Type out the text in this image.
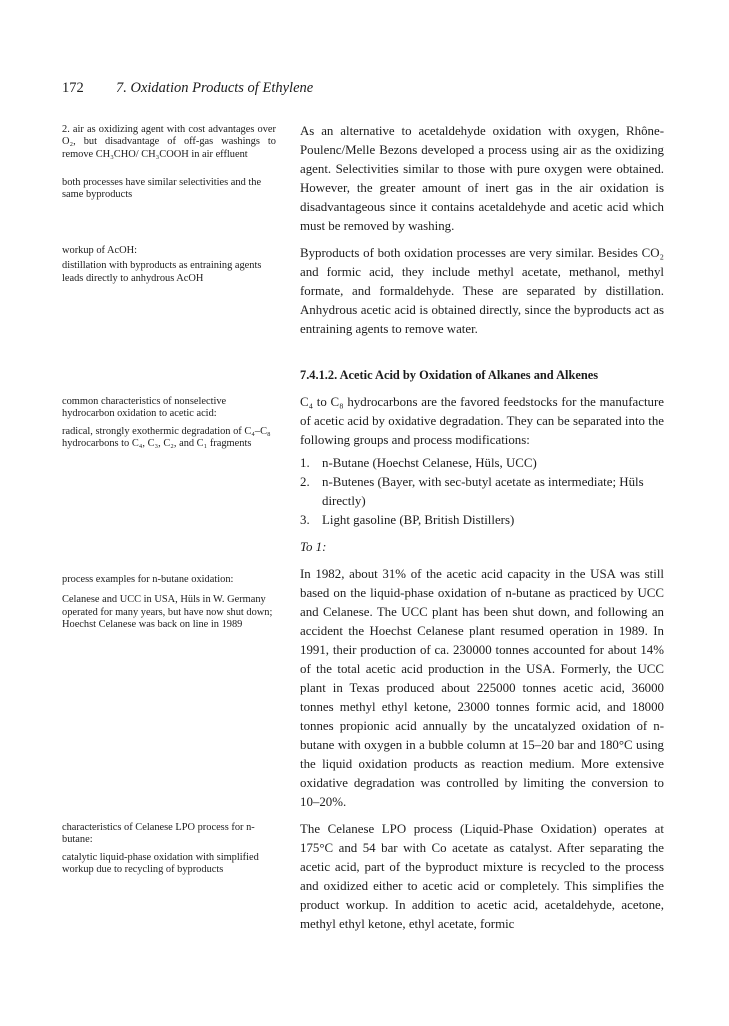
172 7. Oxidation Products of Ethylene

2. air as oxidizing agent with cost advantages over O₂, but disadvantage of off-gas washings to remove CH₃CHO/ CH₃COOH in air effluent

both processes have similar selectivities and the same byproducts

workup of AcOH:

distillation with byproducts as entraining agents leads directly to anhydrous AcOH

common characteristics of nonselective hydrocarbon oxidation to acetic acid:

radical, strongly exothermic degradation of C₄–C₈ hydrocarbons to C₄, C₃, C₂, and C₁ fragments

process examples for n-butane oxidation:

Celanese and UCC in USA, Hüls in W. Germany operated for many years, but have now shut down; Hoechst Celanese was back on line in 1989

characteristics of Celanese LPO process for n-butane:

catalytic liquid-phase oxidation with simplified workup due to recycling of byproducts

As an alternative to acetaldehyde oxidation with oxygen, Rhône-Poulenc/Melle Bezons developed a process using air as the oxidizing agent. Selectivities similar to those with pure oxygen were obtained. However, the greater amount of inert gas in the air oxidation is disadvantageous since it contains acetaldehyde and acetic acid which must be removed by washing.

Byproducts of both oxidation processes are very similar. Besides CO₂ and formic acid, they include methyl acetate, methanol, methyl formate, and formaldehyde. These are separated by distillation. Anhydrous acetic acid is obtained directly, since the byproducts act as entraining agents to remove water.

7.4.1.2. Acetic Acid by Oxidation of Alkanes and Alkenes

C₄ to C₈ hydrocarbons are the favored feedstocks for the manufacture of acetic acid by oxidative degradation. They can be separated into the following groups and process modifications:

1. n-Butane (Hoechst Celanese, Hüls, UCC)
2. n-Butenes (Bayer, with sec-butyl acetate as intermediate; Hüls directly)
3. Light gasoline (BP, British Distillers)
To 1:

In 1982, about 31% of the acetic acid capacity in the USA was still based on the liquid-phase oxidation of n-butane as practiced by UCC and Celanese. The UCC plant has been shut down, and following an accident the Hoechst Celanese plant resumed operation in 1989. In 1991, their production of ca. 230000 tonnes accounted for about 14% of the total acetic acid production in the USA. Formerly, the UCC plant in Texas produced about 225000 tonnes acetic acid, 36000 tonnes methyl ethyl ketone, 23000 tonnes formic acid, and 18000 tonnes propionic acid annually by the uncatalyzed oxidation of n-butane with oxygen in a bubble column at 15–20 bar and 180°C using the liquid oxidation products as reaction medium. More extensive oxidative degradation was controlled by limiting the conversion to 10–20%.

The Celanese LPO process (Liquid-Phase Oxidation) operates at 175°C and 54 bar with Co acetate as catalyst. After separating the acetic acid, part of the byproduct mixture is recycled to the process and oxidized either to acetic acid or completely. This simplifies the product workup. In addition to acetic acid, acetaldehyde, acetone, methyl ethyl ketone, ethyl acetate, formic
